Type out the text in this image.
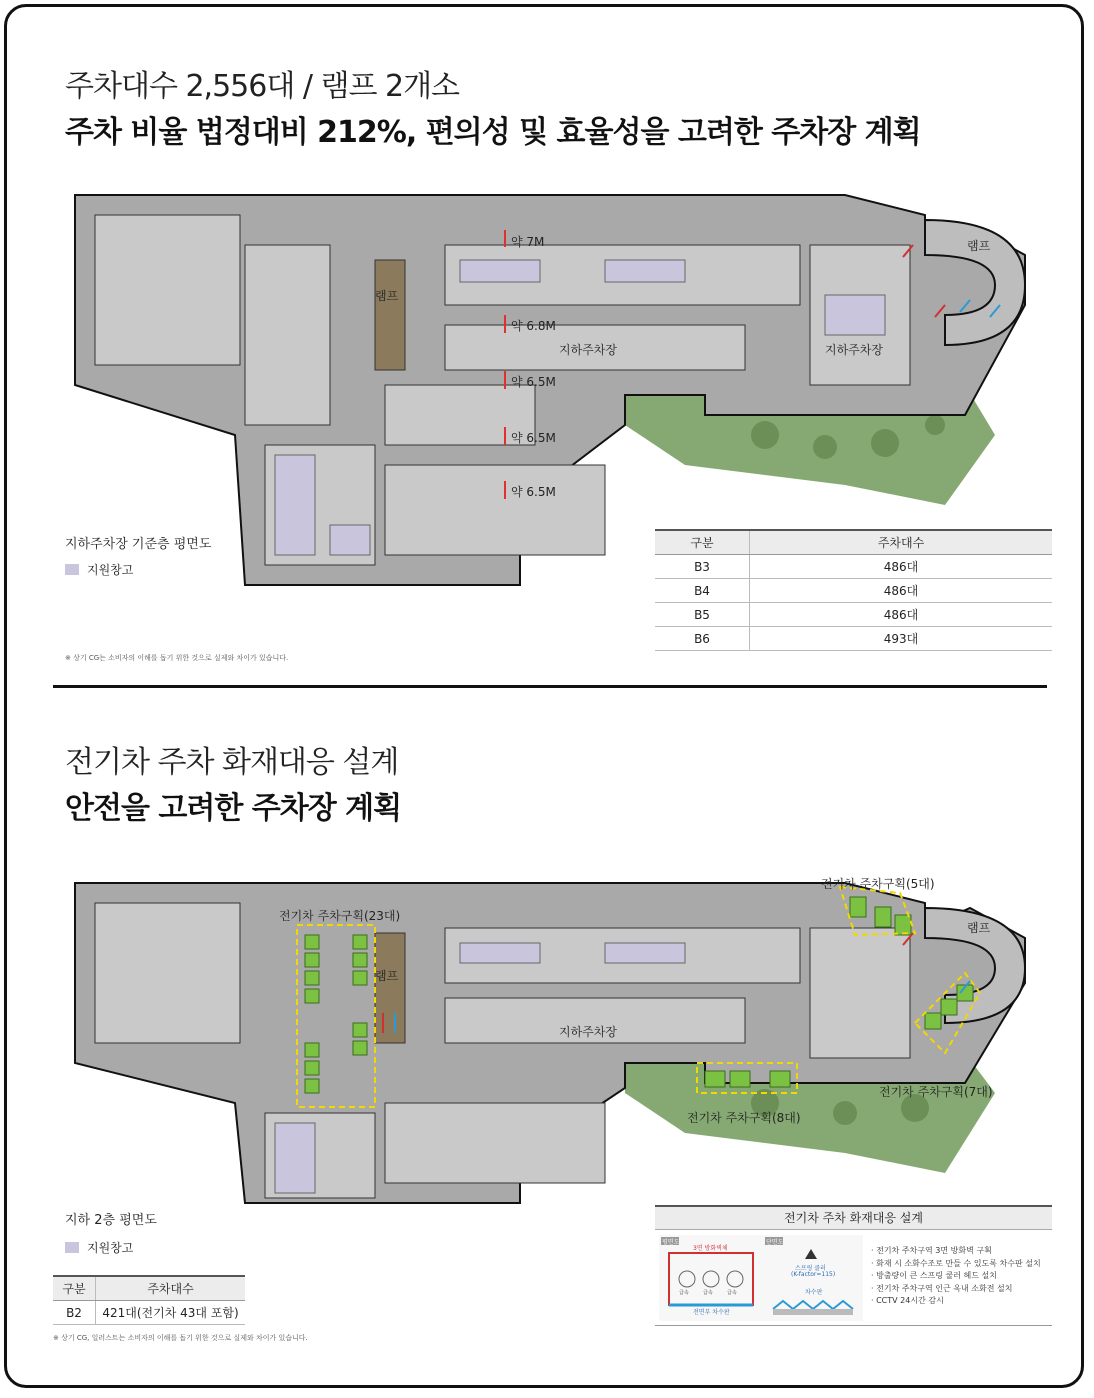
주차대수 2,556대 / 램프 2개소
주차 비율 법정대비 212%, 편의성 및 효율성을 고려한 주차장 계획
램프
램프
지하주차장	지하주차장
약 7M
약 6.8M
약 6.5M
약 6.5M
약 6.5M
지하주차장 기준층 평면도
지원창고
※ 상기 CG는 소비자의 이해를 돕기 위한 것으로 실제와 차이가 있습니다.
구분	주차대수
B3	486대
B4	486대
B5	486대
B6	493대
전기차 주차 화재대응 설계
안전을 고려한 주차장 계획
전기차 주차구획(23대)
전기차 주차구획(5대)
전기차 주차구획(7대)
전기차 주차구획(8대)
램프
램프
지하주차장
지하 2층 평면도
지원창고
구분	주차대수
B2	421대(전기차 43대 포함)
※ 상기 CG, 일러스트는 소비자의 이해를 돕기 위한 것으로 실제와 차이가 있습니다.
전기차 주차 화재대응 설계
평면도
3면 방화벽체
급속	급속	급속
전면부 차수판
단면도
스프링 클러
(K-factor=115)
차수판
· 전기차 주차구역 3면 방화벽 구획
· 화재 시 소화수조로 만들 수 있도록 차수판 설치
· 방출량이 큰 스프링 쿨러 헤드 설치
· 전기차 주차구역 인근 옥내 소화전 설치
· CCTV 24시간 감시
